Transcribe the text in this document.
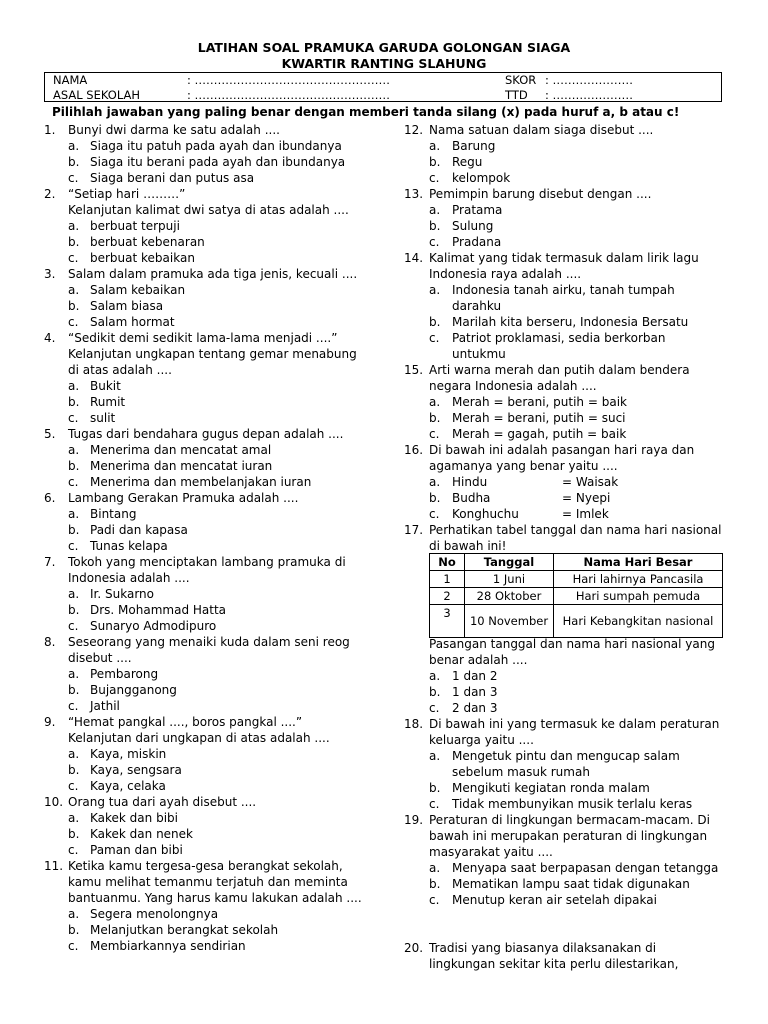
LATIHAN SOAL PRAMUKA GARUDA GOLONGAN SIAGA
KWARTIR RANTING SLAHUNG
NAMA	: ……………………………………………
ASAL SEKOLAH	: ……………………………………………
SKOR : …………………
TTD : …………………
Pilihlah jawaban yang paling benar dengan memberi tanda silang (x) pada huruf a, b atau c!
1. Bunyi dwi darma ke satu adalah ....
a. Siaga itu patuh pada ayah dan ibundanya
b. Siaga itu berani pada ayah dan ibundanya
c. Siaga berani dan putus asa
2. “Setiap hari ………”
Kelanjutan kalimat dwi satya di atas adalah ....
a. berbuat terpuji
b. berbuat kebenaran
c. berbuat kebaikan
3. Salam dalam pramuka ada tiga jenis, kecuali ....
a. Salam kebaikan
b. Salam biasa
c. Salam hormat
4. “Sedikit demi sedikit lama-lama menjadi ....”
Kelanjutan ungkapan tentang gemar menabung
di atas adalah ....
a. Bukit
b. Rumit
c. sulit
5. Tugas dari bendahara gugus depan adalah ....
a. Menerima dan mencatat amal
b. Menerima dan mencatat iuran
c. Menerima dan membelanjakan iuran
6. Lambang Gerakan Pramuka adalah ....
a. Bintang
b. Padi dan kapasa
c. Tunas kelapa
7. Tokoh yang menciptakan lambang pramuka di
Indonesia adalah ....
a. Ir. Sukarno
b. Drs. Mohammad Hatta
c. Sunaryo Admodipuro
8. Seseorang yang menaiki kuda dalam seni reog
disebut ....
a. Pembarong
b. Bujangganong
c. Jathil
9. “Hemat pangkal ...., boros pangkal ....”
Kelanjutan dari ungkapan di atas adalah ....
a. Kaya, miskin
b. Kaya, sengsara
c. Kaya, celaka
10. Orang tua dari ayah disebut ....
a. Kakek dan bibi
b. Kakek dan nenek
c. Paman dan bibi
11. Ketika kamu tergesa-gesa berangkat sekolah,
kamu melihat temanmu terjatuh dan meminta
bantuanmu. Yang harus kamu lakukan adalah ....
a. Segera menolongnya
b. Melanjutkan berangkat sekolah
c. Membiarkannya sendirian
12. Nama satuan dalam siaga disebut ....
a. Barung
b. Regu
c. kelompok
13. Pemimpin barung disebut dengan ....
a. Pratama
b. Sulung
c. Pradana
14. Kalimat yang tidak termasuk dalam lirik lagu
Indonesia raya adalah ....
a. Indonesia tanah airku, tanah tumpah
darahku
b. Marilah kita berseru, Indonesia Bersatu
c. Patriot proklamasi, sedia berkorban
untukmu
15. Arti warna merah dan putih dalam bendera
negara Indonesia adalah ....
a. Merah = berani, putih = baik
b. Merah = berani, putih = suci
c. Merah = gagah, putih = baik
16. Di bawah ini adalah pasangan hari raya dan
agamanya yang benar yaitu ....
a. Hindu	= Waisak
b. Budha	= Nyepi
c. Konghuchu	= Imlek
17. Perhatikan tabel tanggal dan nama hari nasional
di bawah ini!
Pasangan tanggal dan nama hari nasional yang
benar adalah ....
a. 1 dan 2
b. 1 dan 3
c. 2 dan 3
18. Di bawah ini yang termasuk ke dalam peraturan
keluarga yaitu ....
a. Mengetuk pintu dan mengucap salam
sebelum masuk rumah
b. Mengikuti kegiatan ronda malam
c. Tidak membunyikan musik terlalu keras
19. Peraturan di lingkungan bermacam-macam. Di
bawah ini merupakan peraturan di lingkungan
masyarakat yaitu ....
a. Menyapa saat berpapasan dengan tetangga
b. Mematikan lampu saat tidak digunakan
c. Menutup keran air setelah dipakai
20. Tradisi yang biasanya dilaksanakan di
lingkungan sekitar kita perlu dilestarikan,
No	Tanggal	Nama Hari Besar
1	1 Juni	Hari lahirnya Pancasila
2	28 Oktober	Hari sumpah pemuda
3	10 November	Hari Kebangkitan nasional
